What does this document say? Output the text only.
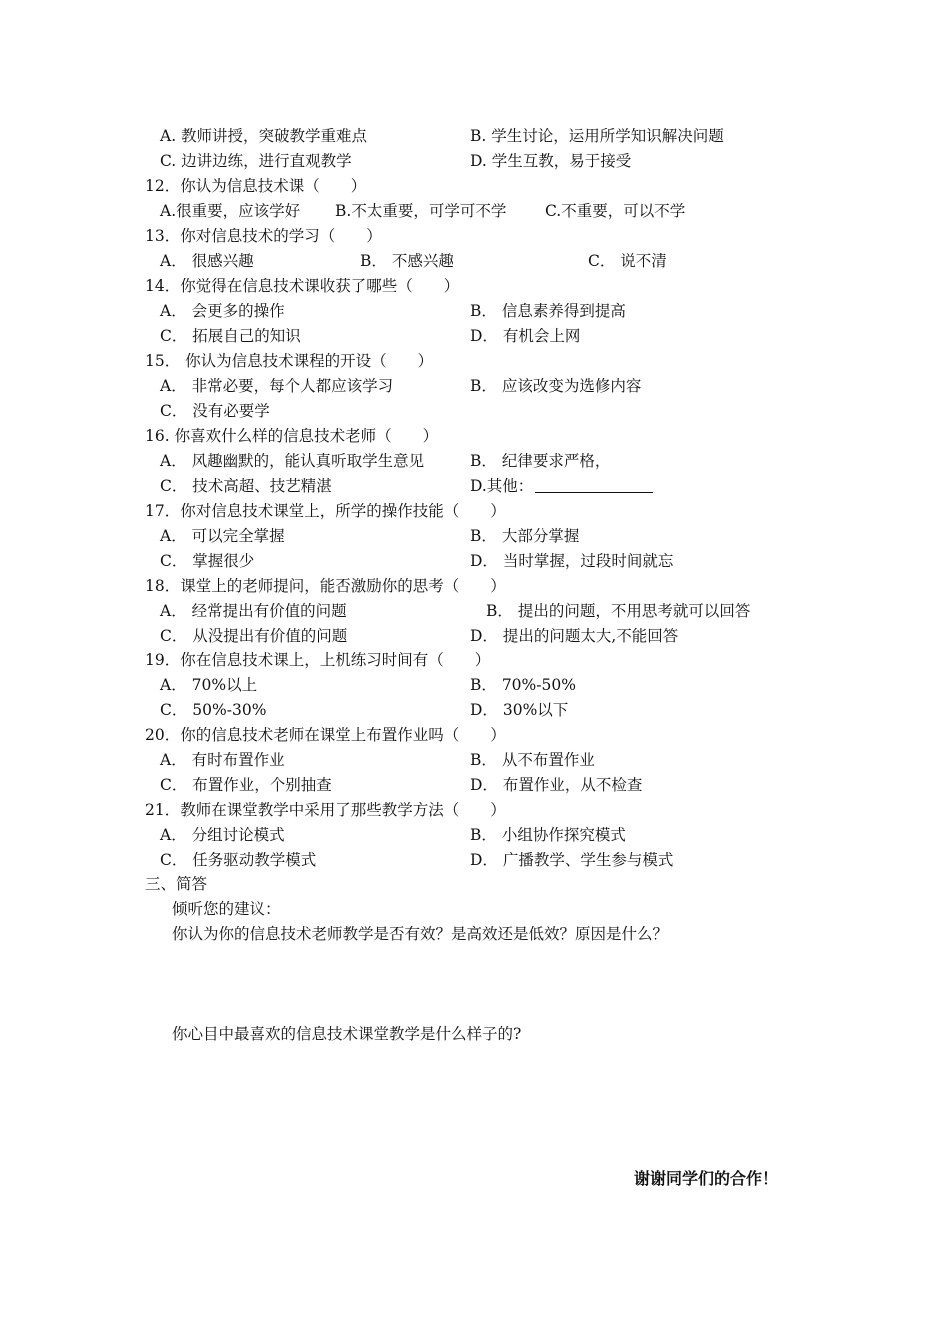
A. 教师讲授，突破教学重难点	B. 学生讨论，运用所学知识解决问题
C. 边讲边练，进行直观教学	D. 学生互教，易于接受
12．你认为信息技术课（　　）
A.很重要，应该学好 B.不太重要，可学可不学 C.不重要，可以不学
13．你对信息技术的学习（　　）
A． 很感兴趣	B． 不感兴趣	C． 说不清
14．你觉得在信息技术课收获了哪些（　　）
A． 会更多的操作	B． 信息素养得到提高
C． 拓展自己的知识	D． 有机会上网
15． 你认为信息技术课程的开设（　　）
A． 非常必要，每个人都应该学习	B． 应该改变为选修内容
C． 没有必要学
16. 你喜欢什么样的信息技术老师（　　）
A． 风趣幽默的，能认真听取学生意见	B． 纪律要求严格，
C． 技术高超、技艺精湛	D.其他：
17．你对信息技术课堂上，所学的操作技能（　　）
A． 可以完全掌握	B． 大部分掌握
C． 掌握很少	D． 当时掌握，过段时间就忘
18．课堂上的老师提问，能否激励你的思考（　　）
A． 经常提出有价值的问题	B． 提出的问题，不用思考就可以回答
C． 从没提出有价值的问题	D． 提出的问题太大,不能回答
19．你在信息技术课上，上机练习时间有（　　）
A． 70%以上	B． 70%-50%
C． 50%-30%	D． 30%以下
20．你的信息技术老师在课堂上布置作业吗（　　）
A． 有时布置作业	B． 从不布置作业
C． 布置作业，个别抽查	D． 布置作业，从不检查
21．教师在课堂教学中采用了那些教学方法（　　）
A． 分组讨论模式	B． 小组协作探究模式
C． 任务驱动教学模式	D． 广播教学、学生参与模式
三、简答
倾听您的建议：
你认为你的信息技术老师教学是否有效？是高效还是低效？原因是什么？
你心目中最喜欢的信息技术课堂教学是什么样子的?
谢谢同学们的合作！
